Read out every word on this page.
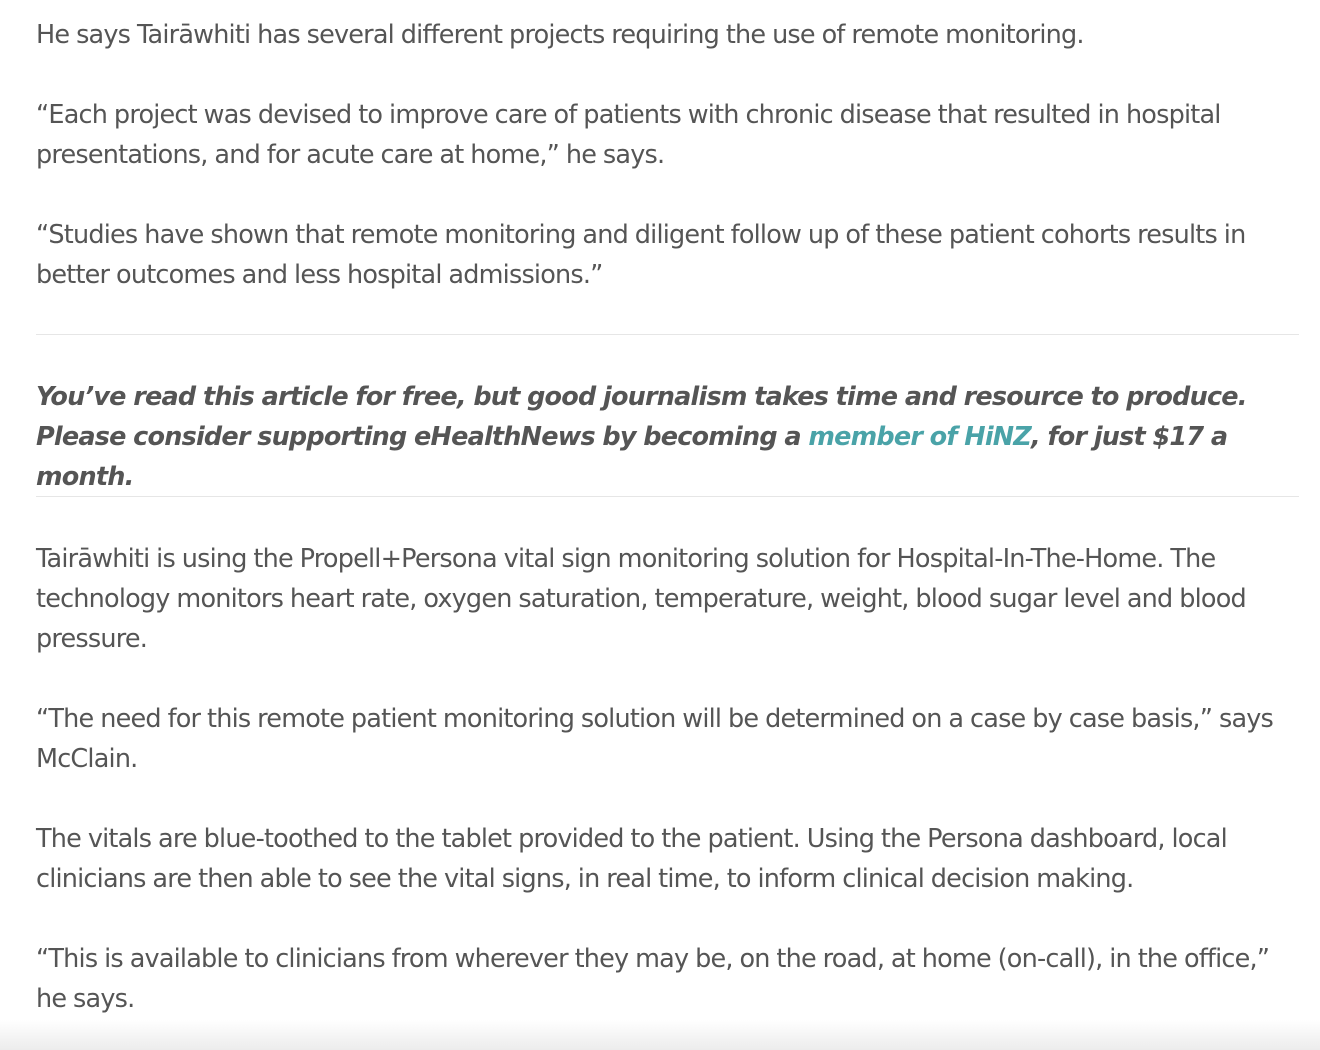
He says Tairāwhiti has several different projects requiring the use of remote monitoring.

“Each project was devised to improve care of patients with chronic disease that resulted in hospital presentations, and for acute care at home,” he says.

“Studies have shown that remote monitoring and diligent follow up of these patient cohorts results in better outcomes and less hospital admissions.”

You’ve read this article for free, but good journalism takes time and resource to produce. Please consider supporting eHealthNews by becoming a member of HiNZ, for just $17 a month.

Tairāwhiti is using the Propell+Persona vital sign monitoring solution for Hospital-In-The-Home. The technology monitors heart rate, oxygen saturation, temperature, weight, blood sugar level and blood pressure.

“The need for this remote patient monitoring solution will be determined on a case by case basis,” says McClain.

The vitals are blue-toothed to the tablet provided to the patient. Using the Persona dashboard, local clinicians are then able to see the vital signs, in real time, to inform clinical decision making.

“This is available to clinicians from wherever they may be, on the road, at home (on-call), in the office,” he says.
